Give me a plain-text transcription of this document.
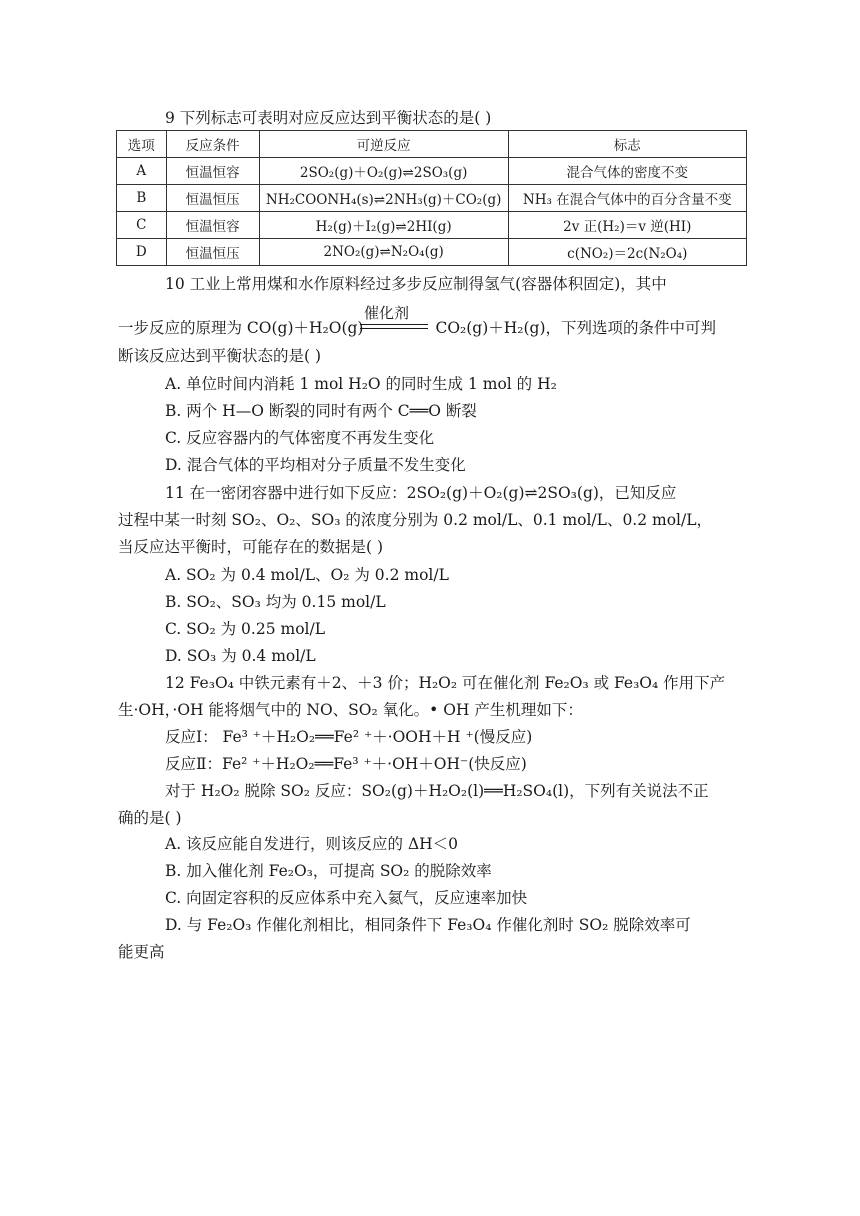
9 下列标志可表明对应反应达到平衡状态的是( )
选项	反应条件	可逆反应	标志
A	恒温恒容	2SO₂(g)＋O₂(g)⇌2SO₃(g)	混合气体的密度不变
B	恒温恒压	NH₂COONH₄(s)⇌2NH₃(g)＋CO₂(g)	NH₃ 在混合气体中的百分含量不变
C	恒温恒容	H₂(g)＋I₂(g)⇌2HI(g)	2v 正(H₂)＝v 逆(HI)
D	恒温恒压	2NO₂(g)⇌N₂O₄(g)	c(NO₂)＝2c(N₂O₄)
10 工业上常用煤和水作原料经过多步反应制得氢气(容器体积固定)，其中
一步反应的原理为 CO(g)＋H₂O(g)	CO₂(g)＋H₂(g)，下列选项的条件中可判
催化剂
断该反应达到平衡状态的是( )
A. 单位时间内消耗 1 mol H₂O 的同时生成 1 mol 的 H₂
B. 两个 H—O 断裂的同时有两个 C══O 断裂
C. 反应容器内的气体密度不再发生变化
D. 混合气体的平均相对分子质量不发生变化
11 在一密闭容器中进行如下反应：2SO₂(g)＋O₂(g)⇌2SO₃(g)，已知反应
过程中某一时刻 SO₂、O₂、SO₃ 的浓度分别为 0.2 mol/L、0.1 mol/L、0.2 mol/L，
当反应达平衡时，可能存在的数据是( )
A. SO₂ 为 0.4 mol/L、O₂ 为 0.2 mol/L
B. SO₂、SO₃ 均为 0.15 mol/L
C. SO₂ 为 0.25 mol/L
D. SO₃ 为 0.4 mol/L
12 Fe₃O₄ 中铁元素有＋2、＋3 价；H₂O₂ 可在催化剂 Fe₂O₃ 或 Fe₃O₄ 作用下产
生·OH，·OH 能将烟气中的 NO、SO₂ 氧化。• OH 产生机理如下：
反应Ⅰ： Fe³ ⁺＋H₂O₂══Fe² ⁺＋·OOH＋H ⁺(慢反应)
反应Ⅱ：Fe² ⁺＋H₂O₂══Fe³ ⁺＋·OH＋OH⁻(快反应)
对于 H₂O₂ 脱除 SO₂ 反应：SO₂(g)＋H₂O₂(l)══H₂SO₄(l)，下列有关说法不正
确的是( )
A. 该反应能自发进行，则该反应的 ΔH＜0
B. 加入催化剂 Fe₂O₃，可提高 SO₂ 的脱除效率
C. 向固定容积的反应体系中充入氦气，反应速率加快
D. 与 Fe₂O₃ 作催化剂相比，相同条件下 Fe₃O₄ 作催化剂时 SO₂ 脱除效率可
能更高
